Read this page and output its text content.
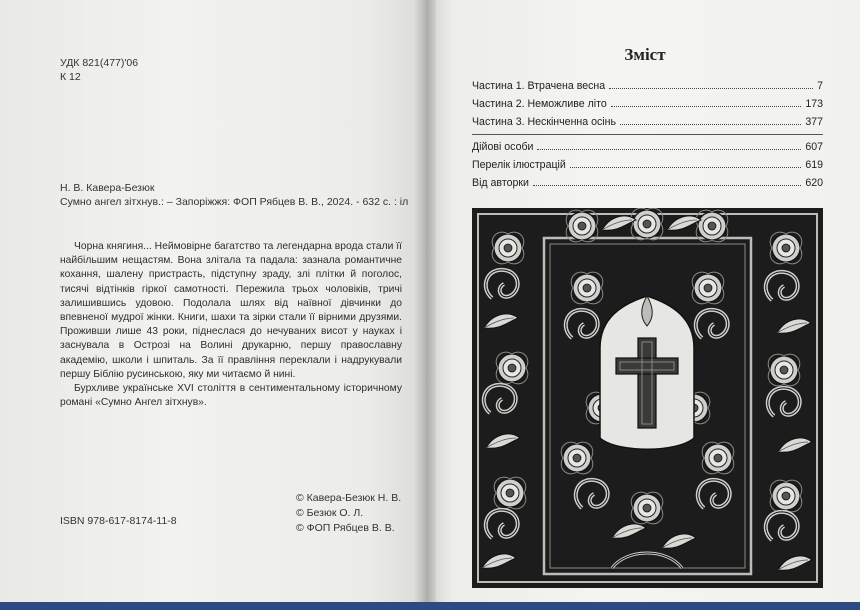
УДК 821(477)'06
К 12
Н. В. Кавера-Безюк
Сумно ангел зітхнув.: – Запоріжжя: ФОП Рябцев В. В., 2024. - 632 с. : іл

Чорна княгиня... Неймовірне багатство та легендарна врода стали її найбільшим нещастям. Вона злітала та падала: зазнала романтичне кохання, шалену пристрасть, підступну зраду, злі плітки й поголос, тисячі відтінків гіркої самотності. Пережила трьох чоловіків, тричі залишившись удовою. Подолала шлях від наївної дівчинки до впевненої мудрої жінки. Книги, шахи та зірки стали її вірними друзями. Проживши лише 43 роки, піднеслася до нечуваних висот у науках і заснувала в Острозі на Волині друкарню, першу православну академію, школи і шпиталь. За її правління переклали і надрукували першу Біблію русинською, яку ми читаємо й нині.

Бурхливе українське XVI століття в сентиментальному історичному романі «Сумно Ангел зітхнув».

ISBN 978-617-8174-11-8
© Кавера-Безюк Н. В.
© Безюк О. Л.
© ФОП Рябцев В. В.
Зміст
Частина 1. Втрачена весна	7
Частина 2. Неможливе літо	173
Частина 3. Нескінченна осінь	377
Дійові особи	607
Перелік ілюстрацій	619
Від авторки	620
